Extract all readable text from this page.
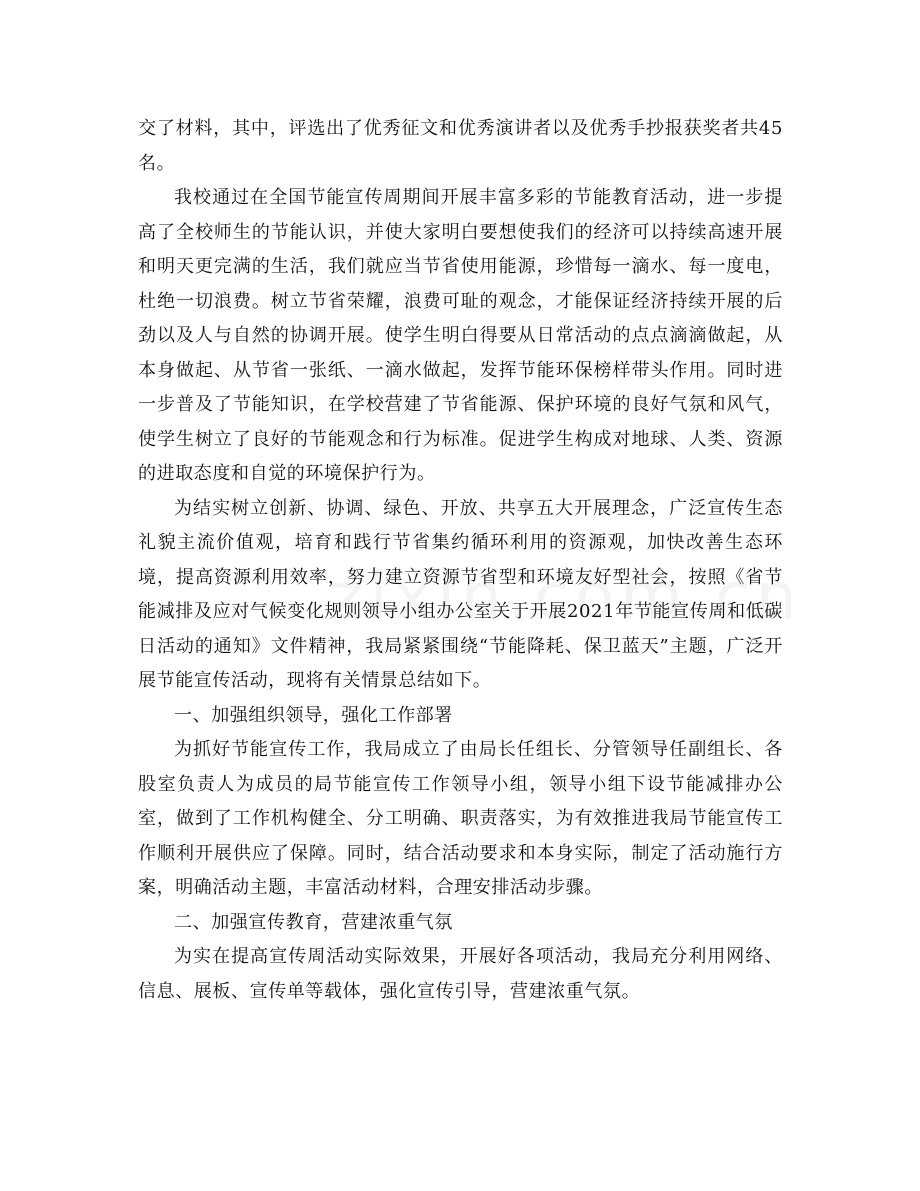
交了材料，其中，评选出了优秀征文和优秀演讲者以及优秀手抄报获奖者共45名。

我校通过在全国节能宣传周期间开展丰富多彩的节能教育活动，进一步提高了全校师生的节能认识，并使大家明白要想使我们的经济可以持续高速开展和明天更完满的生活，我们就应当节省使用能源，珍惜每一滴水、每一度电，杜绝一切浪费。树立节省荣耀，浪费可耻的观念，才能保证经济持续开展的后劲以及人与自然的协调开展。使学生明白得要从日常活动的点点滴滴做起，从本身做起、从节省一张纸、一滴水做起，发挥节能环保榜样带头作用。同时进一步普及了节能知识，在学校营建了节省能源、保护环境的良好气氛和风气，使学生树立了良好的节能观念和行为标准。促进学生构成对地球、人类、资源的进取态度和自觉的环境保护行为。

为结实树立创新、协调、绿色、开放、共享五大开展理念，广泛宣传生态礼貌主流价值观，培育和践行节省集约循环利用的资源观，加快改善生态环境，提高资源利用效率，努力建立资源节省型和环境友好型社会，按照《省节能减排及应对气候变化规则领导小组办公室关于开展2021年节能宣传周和低碳日活动的通知》文件精神，我局紧紧围绕“节能降耗、保卫蓝天”主题，广泛开展节能宣传活动，现将有关情景总结如下。

一、加强组织领导，强化工作部署

为抓好节能宣传工作，我局成立了由局长任组长、分管领导任副组长、各股室负责人为成员的局节能宣传工作领导小组，领导小组下设节能减排办公室，做到了工作机构健全、分工明确、职责落实，为有效推进我局节能宣传工作顺利开展供应了保障。同时，结合活动要求和本身实际，制定了活动施行方案，明确活动主题，丰富活动材料，合理安排活动步骤。

二、加强宣传教育，营建浓重气氛

为实在提高宣传周活动实际效果，开展好各项活动，我局充分利用网络、信息、展板、宣传单等载体，强化宣传引导，营建浓重气氛。
